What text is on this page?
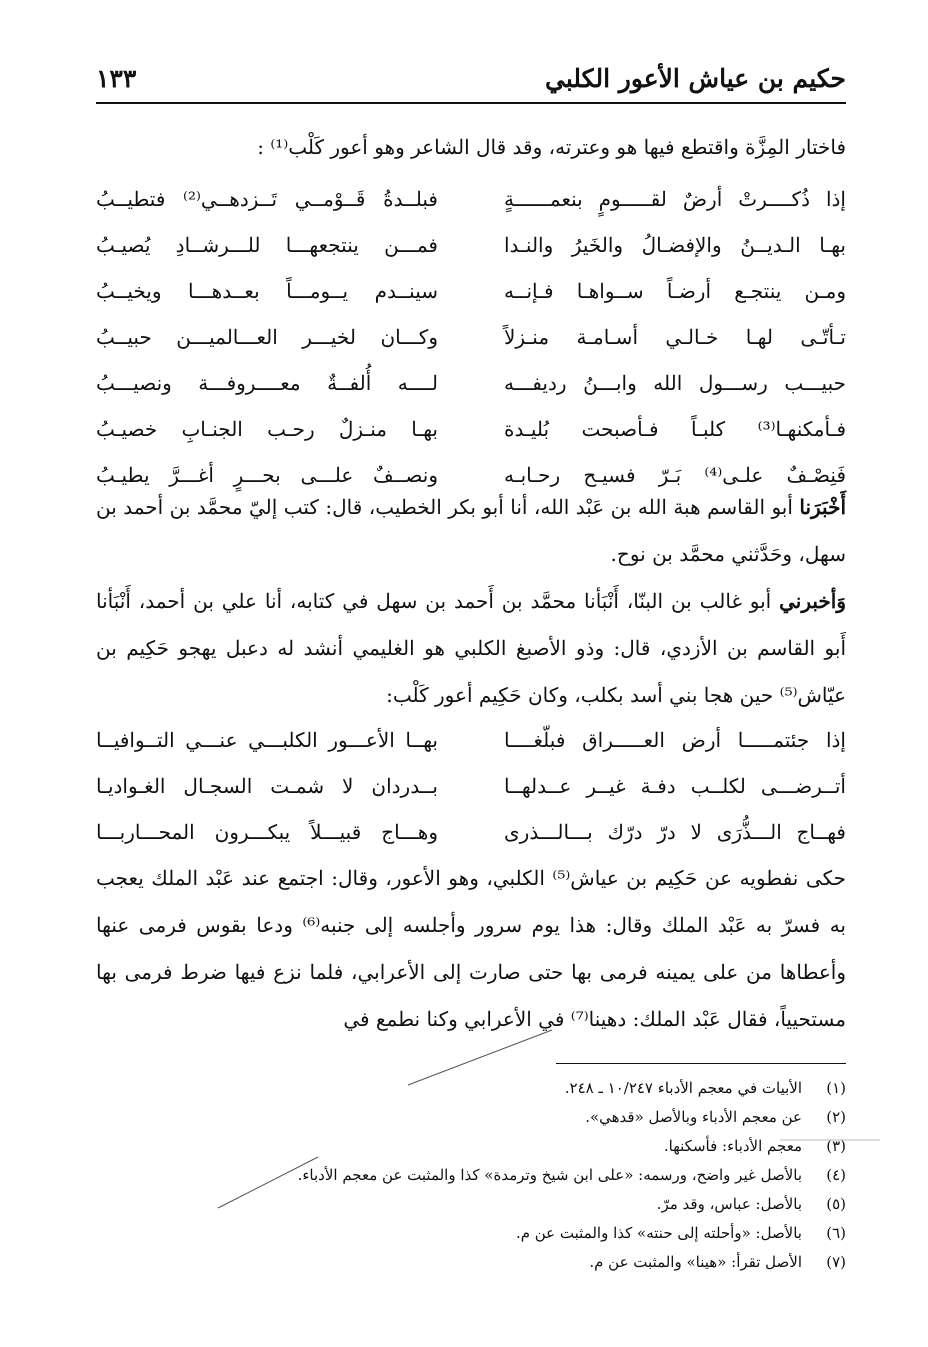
حكيم بن عياش الأعور الكلبي
١٣٣
فاختار المِزَّة واقتطع فيها هو وعترته، وقد قال الشاعر وهو أعور كَلْب⁽¹⁾ :
إذا ذُكــــرتْ أرضٌ لقـــــومٍ بنعمــــــةٍ
فبلــدةُ قَــوْمــي تَــزدهــي⁽²⁾ فتطيــبُ
بهـا الـديــنُ والإفضـالُ والخَيرُ والنـدا
فمـــن ينتجعهـــا للـــرشــادِ يُصيـبُ
ومـن ينتجـع أرضـاً ســواهـا فـإنــه
سينــدم يــومـــاً بعــدهـــا ويخيــبُ
تـأتّـى لهـا خـالـي أسـامـة منـزلاً
وكـــان لخيـــر العـــالميـــن حبيــبُ
حبيـــب رســـول الله وابـــنُ رديفـــه
لــــه أُلفــةٌ معــــروفـــة ونصيـــبُ
فـأمكنهـا⁽³⁾ كلبـاً فـأصبحت بُليـدة
بهـا منـزلٌ رحـب الجنـابِ خصيـبُ
فَنِصْـفٌ علـى⁽⁴⁾ بَـرّ فسيـح رحـابـه
ونصــفٌ علـــى بحـــرٍ أغـــرَّ يطيـبُ
أَخْبَرَنا أبو القاسم هبة الله بن عَبْد الله، أنا أبو بكر الخطيب، قال: كتب إليّ محمَّد بن أحمد بن سهل، وحَدَّثني محمَّد بن نوح.
وَأخبرني أبو غالب بن البنّا، أَنْبَأنا محمَّد بن أَحمد بن سهل في كتابه، أنا علي بن أحمد، أَنْبَأنا أَبو القاسم بن الأزدي، قال: وذو الأصبغ الكلبي هو الغليمي أنشد له دعبل يهجو حَكِيم بن عيّاش⁽⁵⁾ حين هجا بني أسد بكلب، وكان حَكِيم أعور كَلْب:
إذا جئتمـــــا أرض العـــــراق فبلّغــــا
بهــا الأعـــور الكلبـــي عنـــي التــوافيــا
أتــرضـــى لكلــب دفـة غيــر عــدلهــا
بــدردان لا شمـت السجـال الغـواديـا
فهــاج الـــذُّرَى لا درّ درّك بـــالـــذرى
وهـــاج قبيـــلاً يبكـــرون المحـــاربـــا
حكى نفطويه عن حَكِيم بن عياش⁽⁵⁾ الكلبي، وهو الأعور، وقال: اجتمع عند عَبْد الملك يعجب به فسرّ به عَبْد الملك وقال: هذا يوم سرور وأجلسه إلى جنبه⁽⁶⁾ ودعا بقوس فرمى عنها وأعطاها من على يمينه فرمى بها حتى صارت إلى الأعرابي، فلما نزع فيها ضرط فرمى بها مستحيياً، فقال عَبْد الملك: دهينا⁽⁷⁾ في الأعرابي وكنا نطمع في
(١)
الأبيات في معجم الأدباء ١٠/٢٤٧ ـ ٢٤٨.
(٢)
عن معجم الأدباء وبالأصل «قدهي».
(٣)
معجم الأدباء: فأسكنها.
(٤)
بالأصل غير واضح، ورسمه: «على ابن شيخ وترمدة» كذا والمثبت عن معجم الأدباء.
(٥)
بالأصل: عباس، وقد مرّ.
(٦)
بالأصل: «وأحلته إلى حنته» كذا والمثبت عن م.
(٧)
الأصل تقرأ: «هينا» والمثبت عن م.
